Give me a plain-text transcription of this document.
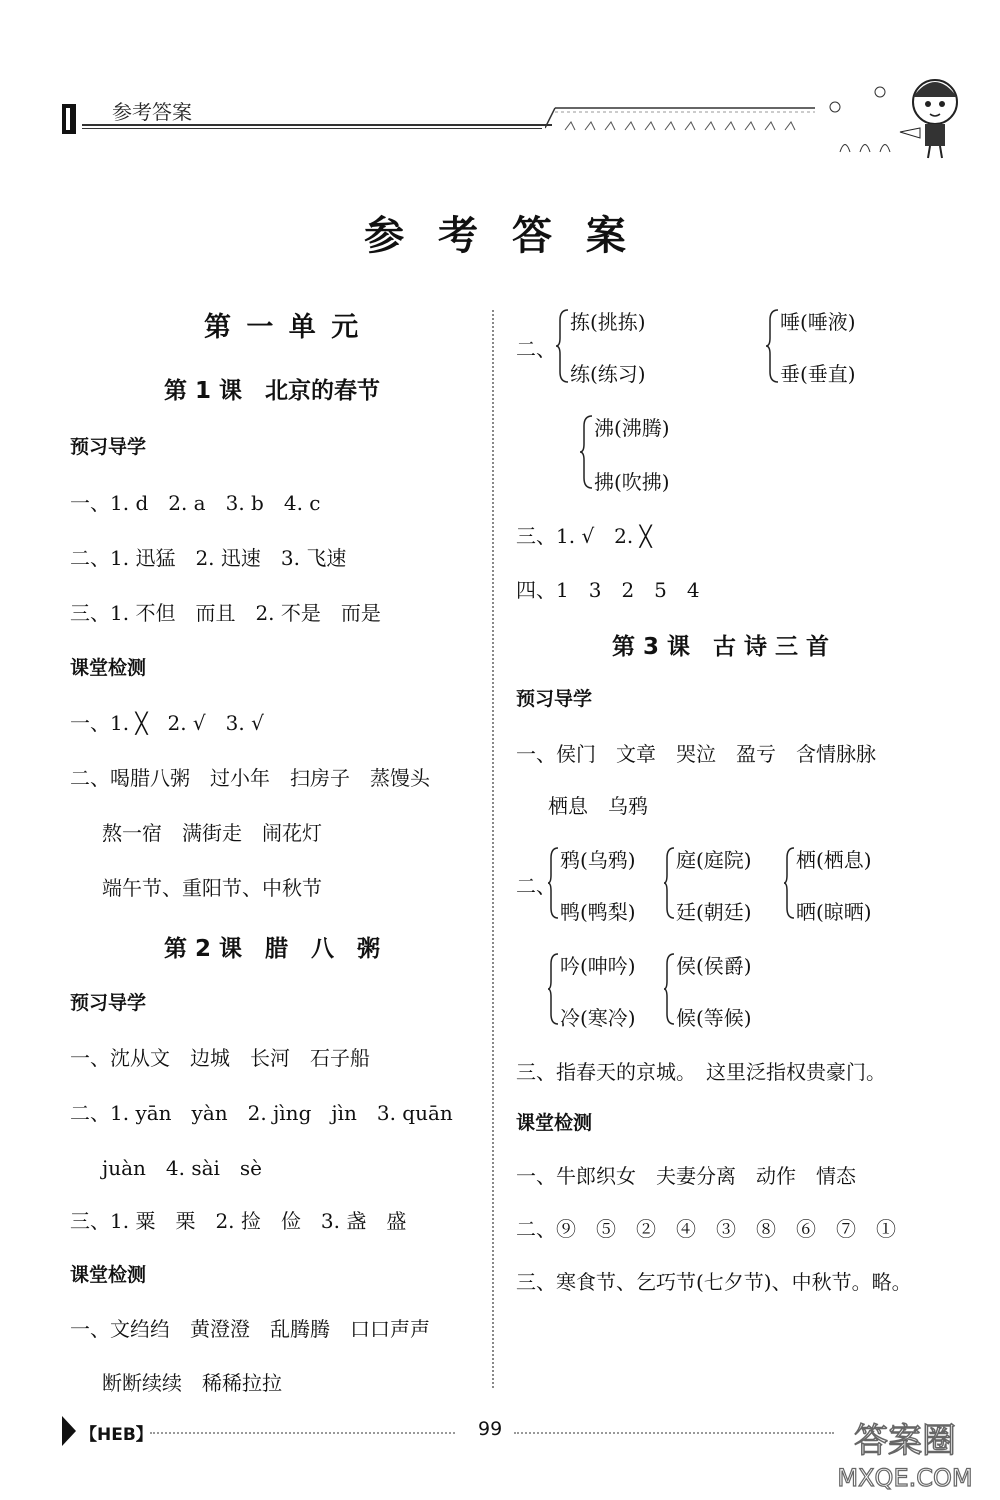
参考答案
参 考 答 案
第 一 单 元
第 1 课　北京的春节
预习导学
一、1. d　2. a　3. b　4. c
二、1. 迅猛　2. 迅速　3. 飞速
三、1. 不但　而且　2. 不是　而是
课堂检测
一、1. ╳　2. √　3. √
二、喝腊八粥　过小年　扫房子　蒸馒头
熬一宿　满街走　闹花灯
端午节、重阳节、中秋节
第 2 课　腊　八　粥
预习导学
一、沈从文　边城　长河　石子船
二、1. yān　yàn　2. jìng　jìn　3. quān
juàn　4. sài　sè
三、1. 粟　栗　2. 捡　俭　3. 盏　盛
课堂检测
一、文绉绉　黄澄澄　乱腾腾　口口声声
断断续续　稀稀拉拉
二、
拣(挑拣)
练(练习)
唾(唾液)
垂(垂直)
沸(沸腾)
拂(吹拂)
三、1. √　2. ╳
四、1　3　2　5　4
第 3 课　古 诗 三 首
预习导学
一、侯门　文章　哭泣　盈亏　含情脉脉
栖息　乌鸦
二、
鸦(乌鸦)
鸭(鸭梨)
庭(庭院)
廷(朝廷)
栖(栖息)
晒(晾晒)
吟(呻吟)
冷(寒冷)
侯(侯爵)
候(等候)
三、指春天的京城。　这里泛指权贵豪门。
课堂检测
一、牛郎织女　夫妻分离　动作　情态
二、⑨　⑤　②　④　③　⑧　⑥　⑦　①
三、寒食节、乞巧节(七夕节)、中秋节。略。
【HEB】	99	答案圈
MXQE.COM
